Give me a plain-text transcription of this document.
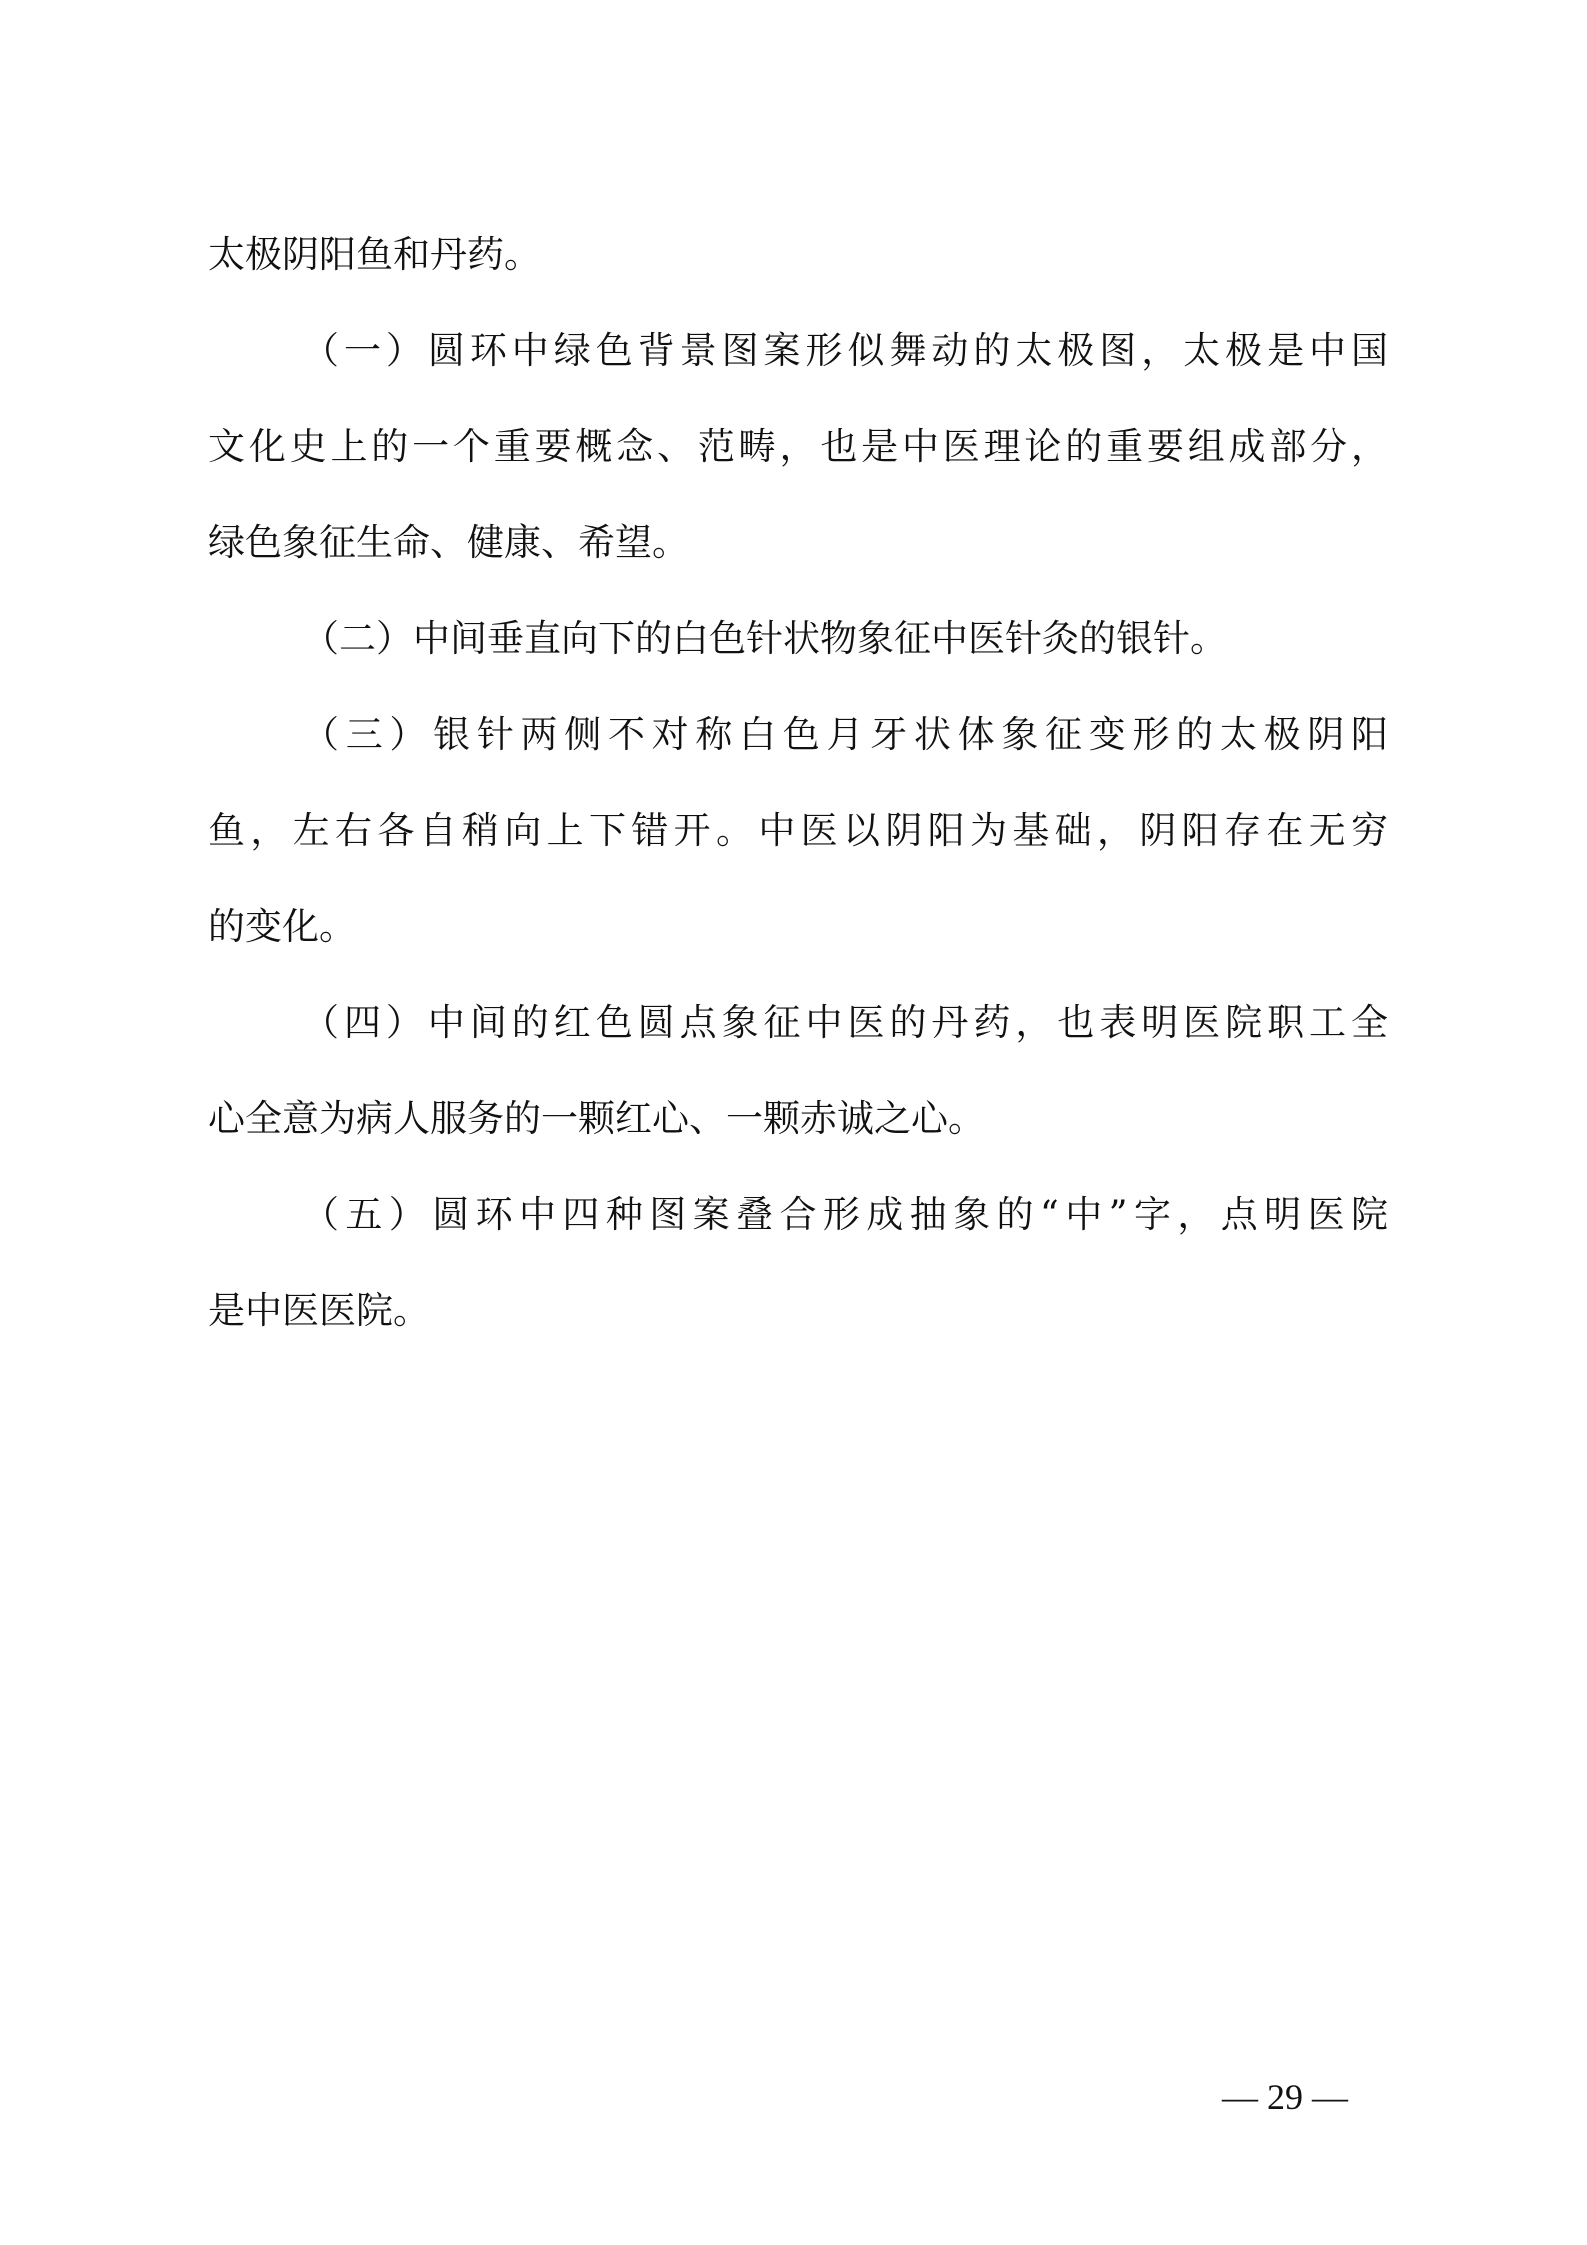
太极阴阳鱼和丹药。
（一）圆环中绿色背景图案形似舞动的太极图，太极是中国
文化史上的一个重要概念、范畴，也是中医理论的重要组成部分，
绿色象征生命、健康、希望。
（二）中间垂直向下的白色针状物象征中医针灸的银针。
（三）银针两侧不对称白色月牙状体象征变形的太极阴阳
鱼，左右各自稍向上下错开。中医以阴阳为基础，阴阳存在无穷
的变化。
（四）中间的红色圆点象征中医的丹药，也表明医院职工全
心全意为病人服务的一颗红心、一颗赤诚之心。
（五）圆环中四种图案叠合形成抽象的“中”字，点明医院
是中医医院。
— 29 —
